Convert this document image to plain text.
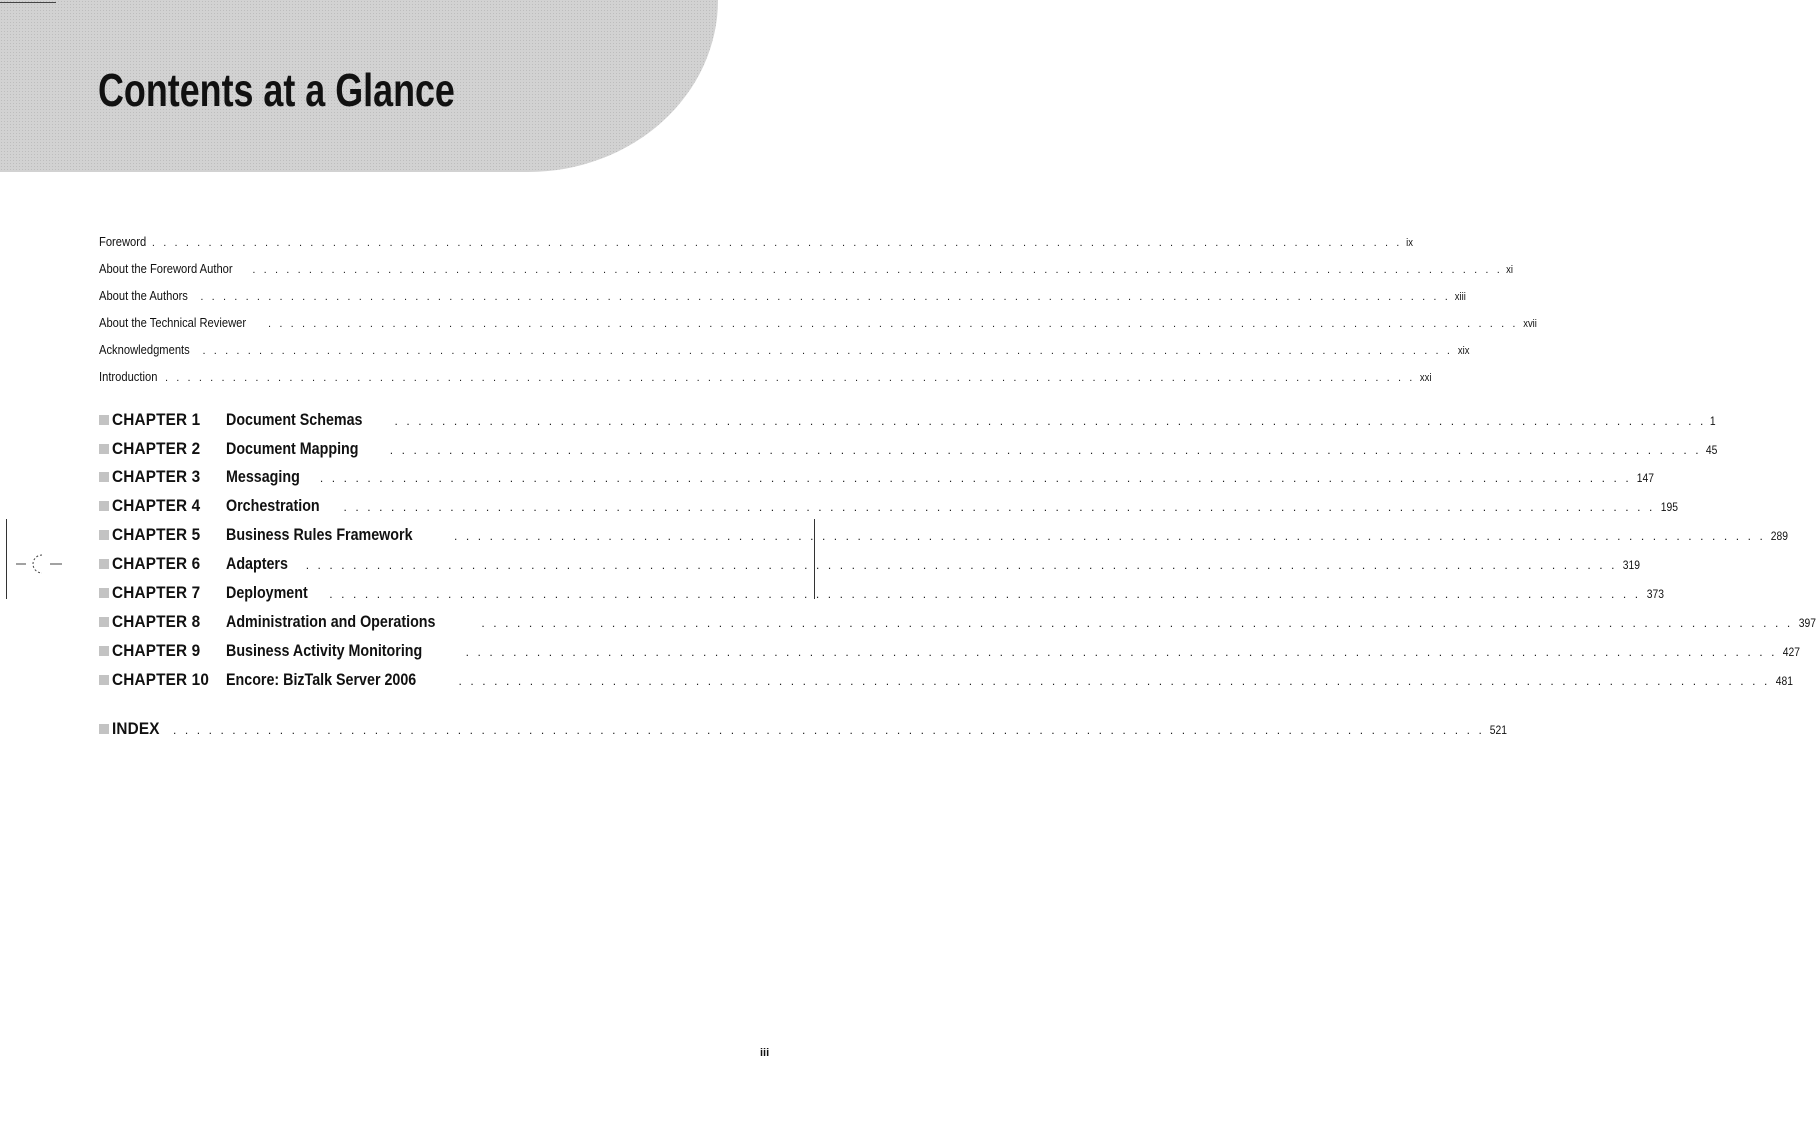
Contents at a Glance
Foreword . . . . . . . . . . . . . . . . . . . . . . . . . . . . . . . . . . . . . . . . . . . . . . . . . . . . . . . . . . . . . . . . . . . . . . . . . . . . . . . . . . . . . . . . . . . . . . . . . . . . . . . . . . . . . . . ix
About the Foreword Author . . . . . . . . . . . . . . . . . . . . . . . . . . . . . . . . . . . . . . . . . . . . . . . . . . . . . . . . . . . . . . . . . . . . . . . . . . . . . . . . . . . . . . . . . . . . . . . . . . . . . . . . . . . . . . . xi
About the Authors . . . . . . . . . . . . . . . . . . . . . . . . . . . . . . . . . . . . . . . . . . . . . . . . . . . . . . . . . . . . . . . . . . . . . . . . . . . . . . . . . . . . . . . . . . . . . . . . . . . . . . . . . . . . . . . xiii
About the Technical Reviewer . . . . . . . . . . . . . . . . . . . . . . . . . . . . . . . . . . . . . . . . . . . . . . . . . . . . . . . . . . . . . . . . . . . . . . . . . . . . . . . . . . . . . . . . . . . . . . . . . . . . . . . . . . . . . . . xvii
Acknowledgments . . . . . . . . . . . . . . . . . . . . . . . . . . . . . . . . . . . . . . . . . . . . . . . . . . . . . . . . . . . . . . . . . . . . . . . . . . . . . . . . . . . . . . . . . . . . . . . . . . . . . . . . . . . . . . . xix
Introduction . . . . . . . . . . . . . . . . . . . . . . . . . . . . . . . . . . . . . . . . . . . . . . . . . . . . . . . . . . . . . . . . . . . . . . . . . . . . . . . . . . . . . . . . . . . . . . . . . . . . . . . . . . . . . . . xxi
CHAPTER 1	Document Schemas	. . . . . . . . . . . . . . . . . . . . . . . . . . . . . . . . . . . . . . . . . . . . . . . . . . . . . . . . . . . . . . . . . . . . . . . . . . . . . . . . . . . . . . . . . . . . . . . . . . . . . . . . . . . . . . . 1
CHAPTER 2	Document Mapping	. . . . . . . . . . . . . . . . . . . . . . . . . . . . . . . . . . . . . . . . . . . . . . . . . . . . . . . . . . . . . . . . . . . . . . . . . . . . . . . . . . . . . . . . . . . . . . . . . . . . . . . . . . . . . . . 45
CHAPTER 3	Messaging . . . . . . . . . . . . . . . . . . . . . . . . . . . . . . . . . . . . . . . . . . . . . . . . . . . . . . . . . . . . . . . . . . . . . . . . . . . . . . . . . . . . . . . . . . . . . . . . . . . . . . . . . . . . . . . 147
CHAPTER 4	Orchestration . . . . . . . . . . . . . . . . . . . . . . . . . . . . . . . . . . . . . . . . . . . . . . . . . . . . . . . . . . . . . . . . . . . . . . . . . . . . . . . . . . . . . . . . . . . . . . . . . . . . . . . . . . . . . . . 195
CHAPTER 5	Business Rules Framework	. . . . . . . . . . . . . . . . . . . . . . . . . . . . . . . . . . . . . . . . . . . . . . . . . . . . . . . . . . . . . . . . . . . . . . . . . . . . . . . . . . . . . . . . . . . . . . . . . . . . . . . . . . . . . . . 289
CHAPTER 6	Adapters . . . . . . . . . . . . . . . . . . . . . . . . . . . . . . . . . . . . . . . . . . . . . . . . . . . . . . . . . . . . . . . . . . . . . . . . . . . . . . . . . . . . . . . . . . . . . . . . . . . . . . . . . . . . . . . 319
CHAPTER 7	Deployment . . . . . . . . . . . . . . . . . . . . . . . . . . . . . . . . . . . . . . . . . . . . . . . . . . . . . . . . . . . . . . . . . . . . . . . . . . . . . . . . . . . . . . . . . . . . . . . . . . . . . . . . . . . . . . . 373
CHAPTER 8	Administration and Operations	. . . . . . . . . . . . . . . . . . . . . . . . . . . . . . . . . . . . . . . . . . . . . . . . . . . . . . . . . . . . . . . . . . . . . . . . . . . . . . . . . . . . . . . . . . . . . . . . . . . . . . . . . . . . . . . 397
CHAPTER 9	Business Activity Monitoring	. . . . . . . . . . . . . . . . . . . . . . . . . . . . . . . . . . . . . . . . . . . . . . . . . . . . . . . . . . . . . . . . . . . . . . . . . . . . . . . . . . . . . . . . . . . . . . . . . . . . . . . . . . . . . . . 427
CHAPTER 10 Encore: BizTalk Server 2006	. . . . . . . . . . . . . . . . . . . . . . . . . . . . . . . . . . . . . . . . . . . . . . . . . . . . . . . . . . . . . . . . . . . . . . . . . . . . . . . . . . . . . . . . . . . . . . . . . . . . . . . . . . . . . . . 481
INDEX	. . . . . . . . . . . . . . . . . . . . . . . . . . . . . . . . . . . . . . . . . . . . . . . . . . . . . . . . . . . . . . . . . . . . . . . . . . . . . . . . . . . . . . . . . . . . . . . . . . . . . . . . . . . . . . . 521
iii
